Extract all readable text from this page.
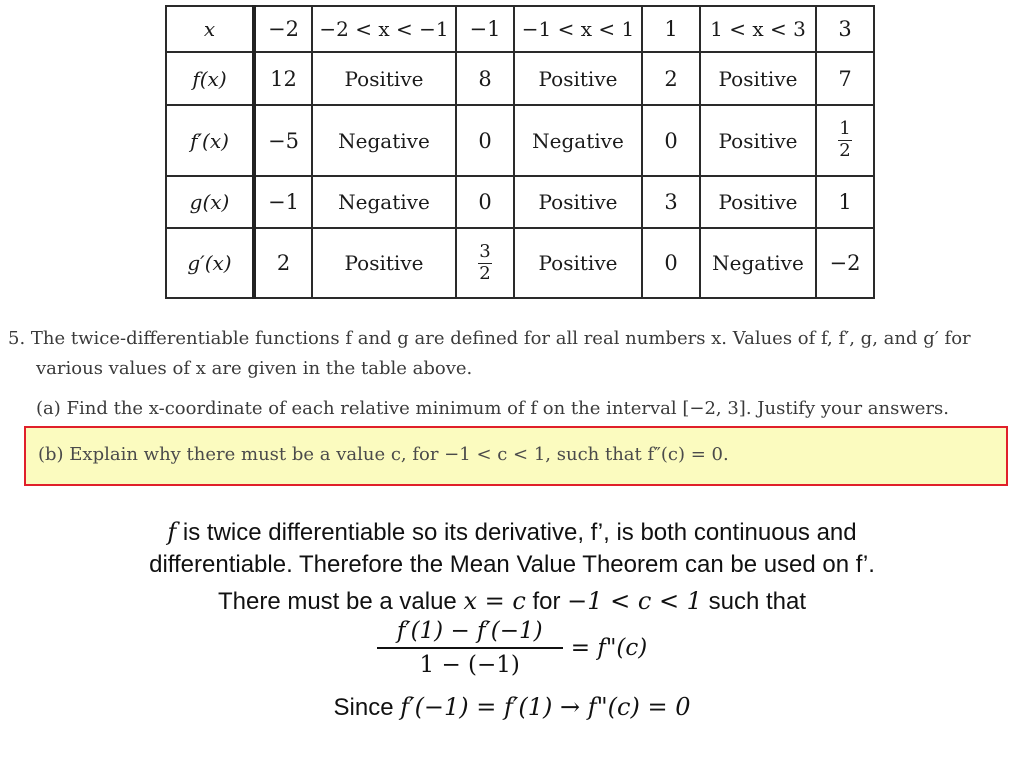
x	−2	−2 < x < −1	−1	−1 < x < 1	1	1 < x < 3	3
f(x)	12	Positive	8	Positive	2	Positive	7
f′(x)	−5	Negative	0	Negative	0	Positive	$\frac{1}{2}$

g(x)	−1	Negative	0	Positive	3	Positive	1
g′(x)	2	Positive	$\frac{3}{2}$	Positive	0	Negative	−2
5. The twice-differentiable functions f and g are defined for all real numbers x. Values of f, f′, g, and g′ for
various values of x are given in the table above.
(a) Find the x-coordinate of each relative minimum of f on the interval [−2, 3]. Justify your answers.
(b) Explain why there must be a value c, for −1 < c < 1, such that f″(c) = 0.
f is twice differentiable so its derivative, f’, is both continuous and
differentiable. Therefore the Mean Value Theorem can be used on f’.
There must be a value x = c for −1 < c < 1 such that
f′(1) − f′(−1)
1 − (−1)
= f"(c)
Since f′(−1) = f′(1) → f"(c) = 0
